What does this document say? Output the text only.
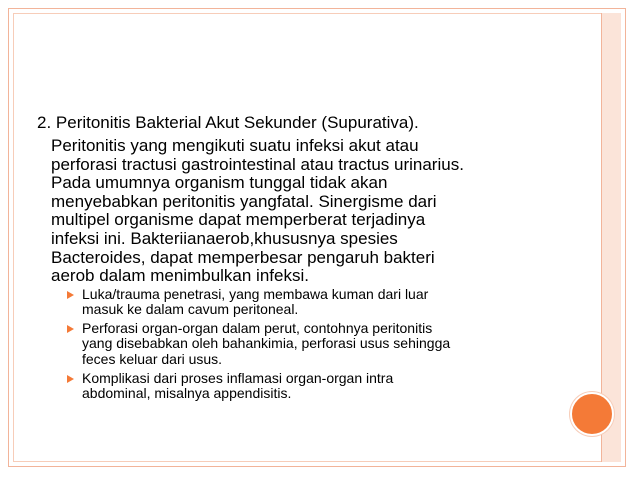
2. Peritonitis Bakterial Akut Sekunder (Supurativa).
Peritonitis yang mengikuti suatu infeksi akut atau
perforasi tractusi gastrointestinal atau tractus urinarius.
Pada umumnya organism tunggal tidak akan
menyebabkan peritonitis yangfatal. Sinergisme dari
multipel organisme dapat memperberat terjadinya
infeksi ini. Bakteriianaerob,khususnya spesies
Bacteroides, dapat memperbesar pengaruh bakteri
aerob dalam menimbulkan infeksi.
Luka/trauma penetrasi, yang membawa kuman dari luar
masuk ke dalam cavum peritoneal.
Perforasi organ-organ dalam perut, contohnya peritonitis
yang disebabkan oleh bahankimia, perforasi usus sehingga
feces keluar dari usus.
Komplikasi dari proses inflamasi organ-organ intra
abdominal, misalnya appendisitis.
